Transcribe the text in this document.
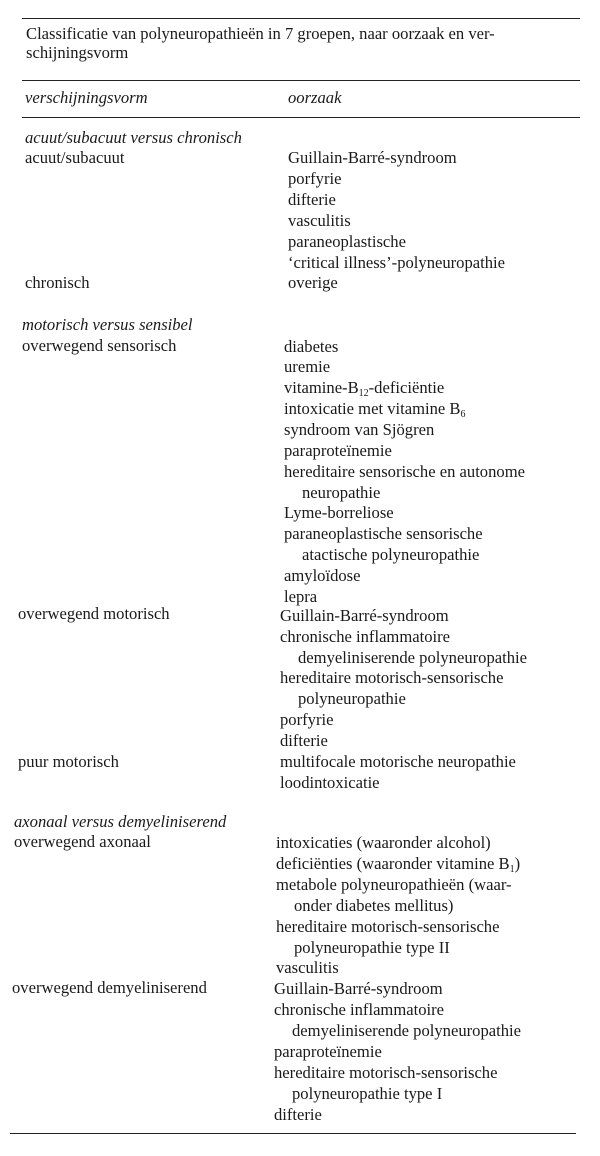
Classificatie van polyneuropathieën in 7 groepen, naar oorzaak en ver-
schijningsvorm
verschijningsvorm	oorzaak
acuut/subacuut versus chronisch
acuut/subacuut	Guillain-Barré-syndroom
porfyrie
difterie
vasculitis
paraneoplastische
‘critical illness’-polyneuropathie
chronisch	overige
motorisch versus sensibel
overwegend sensorisch	diabetes
uremie
vitamine-$B_{12}$-deficiëntie
intoxicatie met vitamine $B_6$
syndroom van Sjögren
paraproteïnemie
hereditaire sensorische en autonome
neuropathie
Lyme-borreliose
paraneoplastische sensorische
atactische polyneuropathie
amyloïdose
lepra
overwegend motorisch	Guillain-Barré-syndroom
chronische inflammatoire
demyeliniserende polyneuropathie
hereditaire motorisch-sensorische
polyneuropathie
porfyrie
difterie
puur motorisch	multifocale motorische neuropathie
loodintoxicatie
axonaal versus demyeliniserend
overwegend axonaal	intoxicaties (waaronder alcohol)
deficiënties (waaronder vitamine $B_1$)
metabole polyneuropathieën (waar-
onder diabetes mellitus)
hereditaire motorisch-sensorische
polyneuropathie type II
vasculitis
overwegend demyeliniserend	Guillain-Barré-syndroom
chronische inflammatoire
demyeliniserende polyneuropathie
paraproteïnemie
hereditaire motorisch-sensorische
polyneuropathie type I
difterie
